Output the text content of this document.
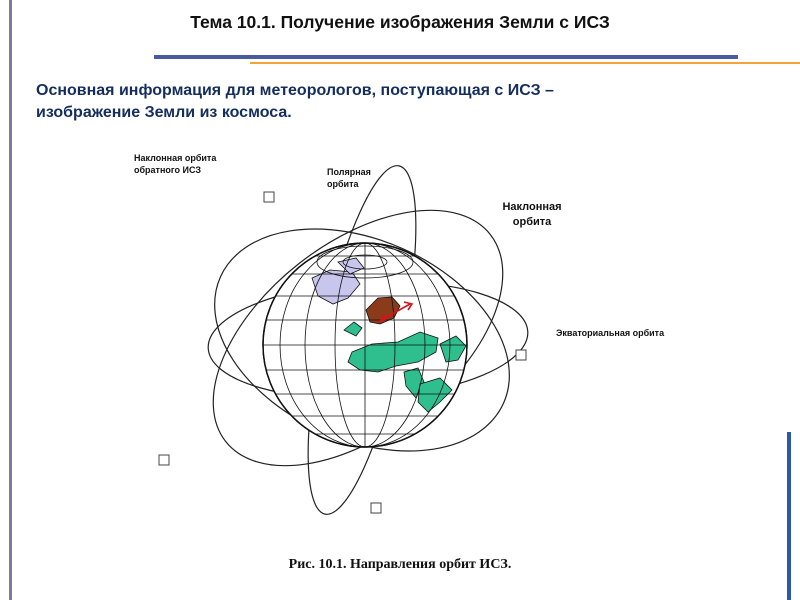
Тема 10.1. Получение изображения Земли с ИСЗ
Основная информация для метеорологов, поступающая с ИСЗ –
изображение Земли из космоса.
Наклонная орбита
обратного ИСЗ	Полярная
орбита
Наклонная
орбита
Экваториальная орбита
Рис. 10.1. Направления орбит ИСЗ.
